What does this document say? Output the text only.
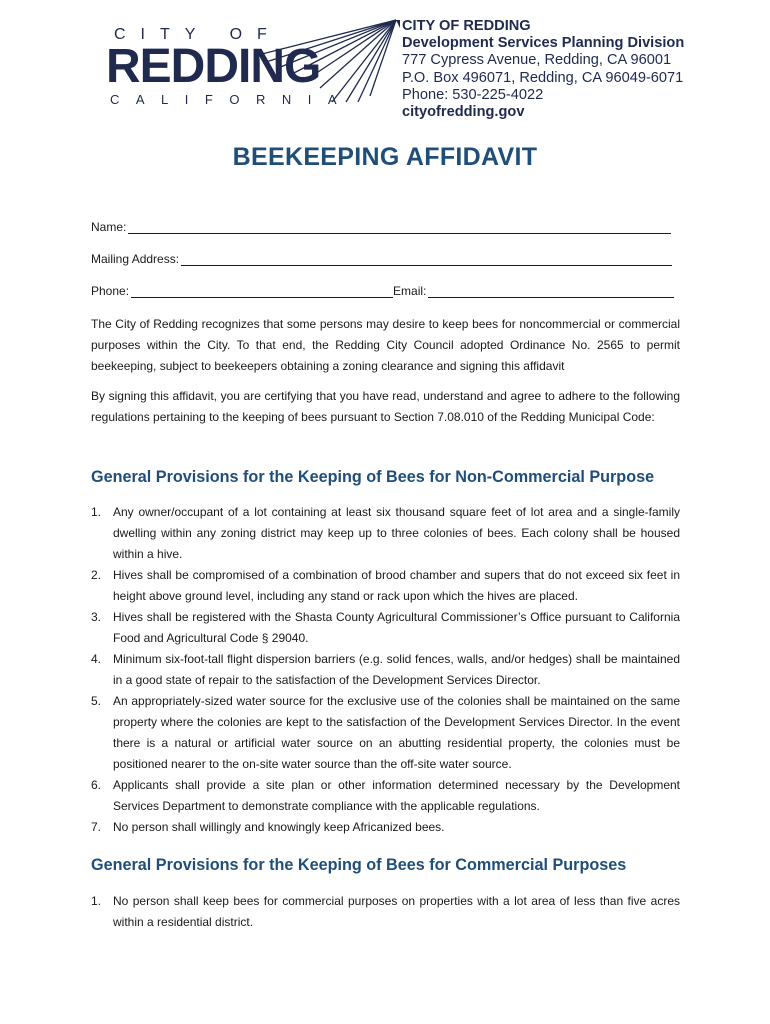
CITY OF
REDDING
CALIFORNIA
CITY OF REDDING
Development Services Planning Division
777 Cypress Avenue, Redding, CA 96001
P.O. Box 496071, Redding, CA 96049-6071
Phone: 530-225-4022
cityofredding.gov
BEEKEEPING AFFIDAVIT
Name:
Mailing Address:
Phone:	Email:
The City of Redding recognizes that some persons may desire to keep bees for noncommercial or commercial purposes within the City. To that end, the Redding City Council adopted Ordinance No. 2565 to permit beekeeping, subject to beekeepers obtaining a zoning clearance and signing this affidavit
By signing this affidavit, you are certifying that you have read, understand and agree to adhere to the following regulations pertaining to the keeping of bees pursuant to Section 7.08.010 of the Redding Municipal Code:
General Provisions for the Keeping of Bees for Non-Commercial Purpose
1. Any owner/occupant of a lot containing at least six thousand square feet of lot area and a single-family dwelling within any zoning district may keep up to three colonies of bees. Each colony shall be housed within a hive.
2. Hives shall be compromised of a combination of brood chamber and supers that do not exceed six feet in height above ground level, including any stand or rack upon which the hives are placed.
3. Hives shall be registered with the Shasta County Agricultural Commissioner’s Office pursuant to California Food and Agricultural Code § 29040.
4. Minimum six-foot-tall flight dispersion barriers (e.g. solid fences, walls, and/or hedges) shall be maintained in a good state of repair to the satisfaction of the Development Services Director.
5. An appropriately-sized water source for the exclusive use of the colonies shall be maintained on the same property where the colonies are kept to the satisfaction of the Development Services Director. In the event there is a natural or artificial water source on an abutting residential property, the colonies must be positioned nearer to the on-site water source than the off-site water source.
6. Applicants shall provide a site plan or other information determined necessary by the Development Services Department to demonstrate compliance with the applicable regulations.
7. No person shall willingly and knowingly keep Africanized bees.
General Provisions for the Keeping of Bees for Commercial Purposes
1. No person shall keep bees for commercial purposes on properties with a lot area of less than five acres within a residential district.
